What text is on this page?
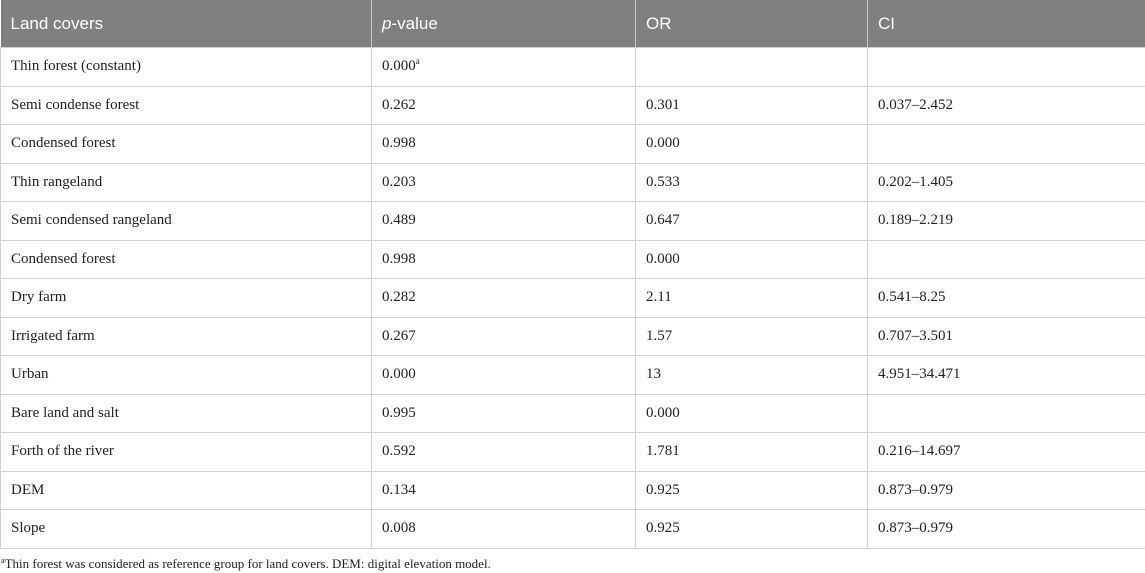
Land covers	p-value	OR	CI
Thin forest (constant)	0.000$^a$		
Semi condense forest	0.262	0.301	0.037–2.452
Condensed forest	0.998	0.000	
Thin rangeland	0.203	0.533	0.202–1.405
Semi condensed rangeland	0.489	0.647	0.189–2.219
Condensed forest	0.998	0.000	
Dry farm	0.282	2.11	0.541–8.25
Irrigated farm	0.267	1.57	0.707–3.501
Urban	0.000	13	4.951–34.471
Bare land and salt	0.995	0.000	
Forth of the river	0.592	1.781	0.216–14.697
DEM	0.134	0.925	0.873–0.979
Slope	0.008	0.925	0.873–0.979
$^a$Thin forest was considered as reference group for land covers. DEM: digital elevation model.
